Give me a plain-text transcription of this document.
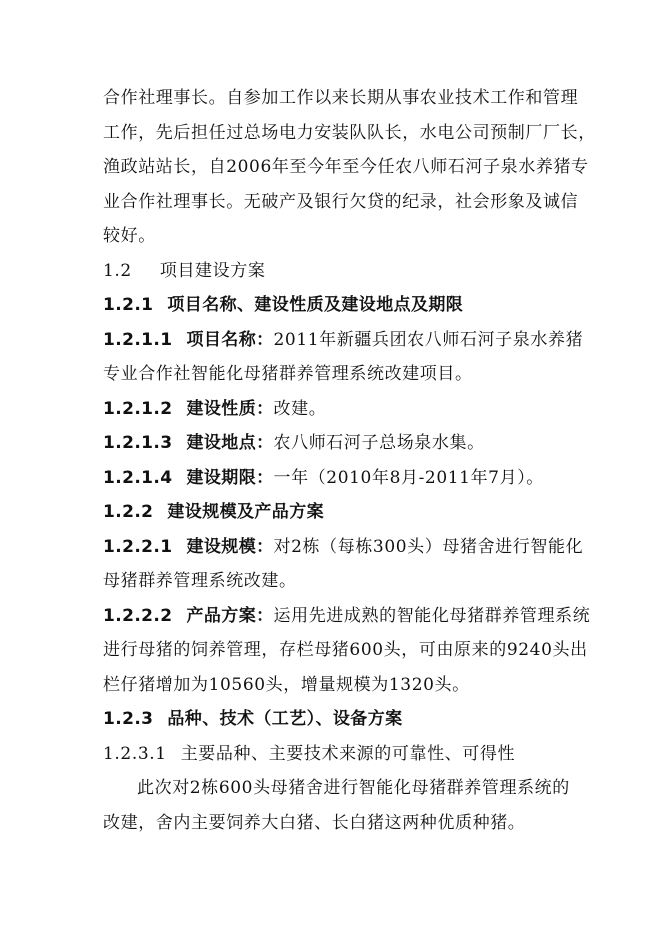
合作社理事长。自参加工作以来长期从事农业技术工作和管理
工作，先后担任过总场电力安装队队长，水电公司预制厂厂长，
渔政站站长，自2006年至今年至今任农八师石河子泉水养猪专
业合作社理事长。无破产及银行欠贷的纪录，社会形象及诚信
较好。
1.2 项目建设方案
1.2.1 项目名称、建设性质及建设地点及期限
1.2.1.1 项目名称：2011年新疆兵团农八师石河子泉水养猪
专业合作社智能化母猪群养管理系统改建项目。
1.2.1.2 建设性质：改建。
1.2.1.3 建设地点：农八师石河子总场泉水集。
1.2.1.4 建设期限：一年（2010年8月-2011年7月）。
1.2.2 建设规模及产品方案
1.2.2.1 建设规模：对2栋（每栋300头）母猪舍进行智能化
母猪群养管理系统改建。
1.2.2.2 产品方案：运用先进成熟的智能化母猪群养管理系统
进行母猪的饲养管理，存栏母猪600头，可由原来的9240头出
栏仔猪增加为10560头，增量规模为1320头。
1.2.3 品种、技术（工艺）、设备方案
1.2.3.1 主要品种、主要技术来源的可靠性、可得性
此次对2栋600头母猪舍进行智能化母猪群养管理系统的
改建，舍内主要饲养大白猪、长白猪这两种优质种猪。
